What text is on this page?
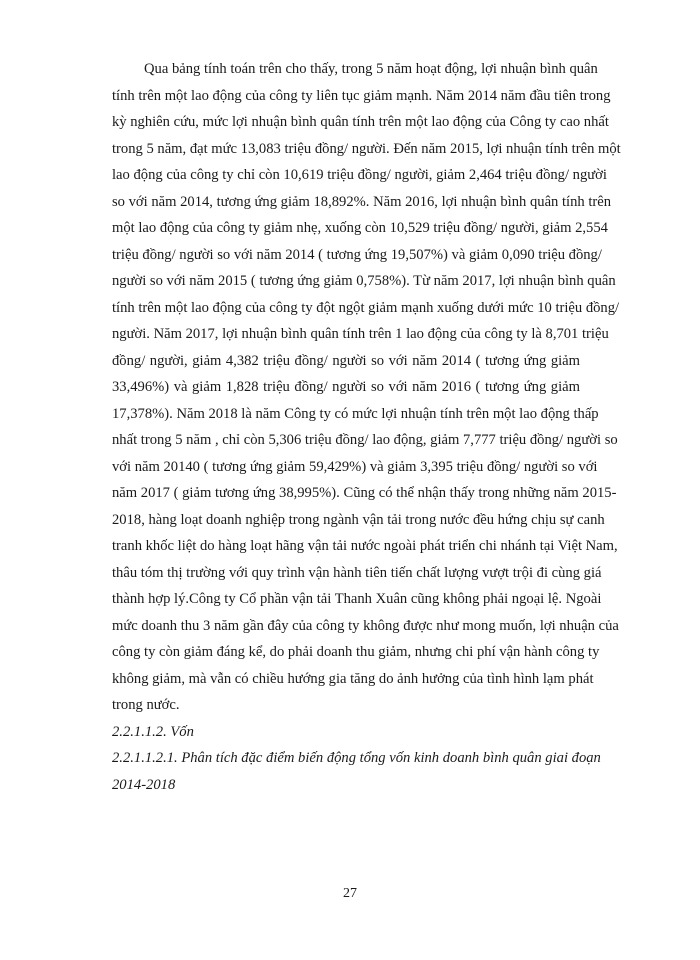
Qua bảng tính toán trên cho thấy, trong 5 năm hoạt động, lợi nhuận bình quân
tính trên một lao động của công ty liên tục giảm mạnh. Năm 2014 năm đầu tiên trong
kỳ nghiên cứu, mức lợi nhuận bình quân tính trên một lao động của Công ty cao nhất
trong 5 năm, đạt mức 13,083 triệu đồng/ người. Đến năm 2015, lợi nhuận tính trên một
lao động của công ty chỉ còn 10,619 triệu đồng/ người, giảm 2,464 triệu đồng/ người
so với năm 2014, tương ứng giảm 18,892%. Năm 2016, lợi nhuận bình quân tính trên
một lao động của công ty giảm nhẹ, xuống còn 10,529 triệu đồng/ người, giảm 2,554
triệu đồng/ người so với năm 2014 ( tương ứng 19,507%) và giảm 0,090 triệu đồng/
người so với năm 2015 ( tương ứng giảm 0,758%). Từ năm 2017, lợi nhuận bình quân
tính trên một lao động của công ty đột ngột giảm mạnh xuống dưới mức 10 triệu đồng/
người. Năm 2017, lợi nhuận bình quân tính trên 1 lao động của công ty là 8,701 triệu
đồng/ người, giảm 4,382 triệu đồng/ người so với năm 2014 ( tương ứng giảm
33,496%) và giảm 1,828 triệu đồng/ người so với năm 2016 ( tương ứng giảm
17,378%). Năm 2018 là năm Công ty có mức lợi nhuận tính trên một lao động thấp
nhất trong 5 năm , chỉ còn 5,306 triệu đồng/ lao động, giảm 7,777 triệu đồng/ người so
với năm 20140 ( tương ứng giảm 59,429%) và giảm 3,395 triệu đồng/ người so với
năm 2017 ( giảm tương ứng 38,995%). Cũng có thể nhận thấy trong những năm 2015-
2018, hàng loạt doanh nghiệp trong ngành vận tải trong nước đều hứng chịu sự canh
tranh khốc liệt do hàng loạt hãng vận tải nước ngoài phát triển chi nhánh tại Việt Nam,
thâu tóm thị trường với quy trình vận hành tiên tiến chất lượng vượt trội đi cùng giá
thành hợp lý.Công ty Cổ phần vận tải Thanh Xuân cũng không phải ngoại lệ. Ngoài
mức doanh thu 3 năm gần đây của công ty không được như mong muốn, lợi nhuận của
công ty còn giảm đáng kể, do phải doanh thu giảm, nhưng chi phí vận hành công ty
không giảm, mà vẫn có chiều hướng gia tăng do ảnh hưởng của tình hình lạm phát
trong nước.
2.2.1.1.2. Vốn
2.2.1.1.2.1. Phân tích đặc điểm biến động tổng vốn kinh doanh bình quân giai đoạn
2014-2018
27
